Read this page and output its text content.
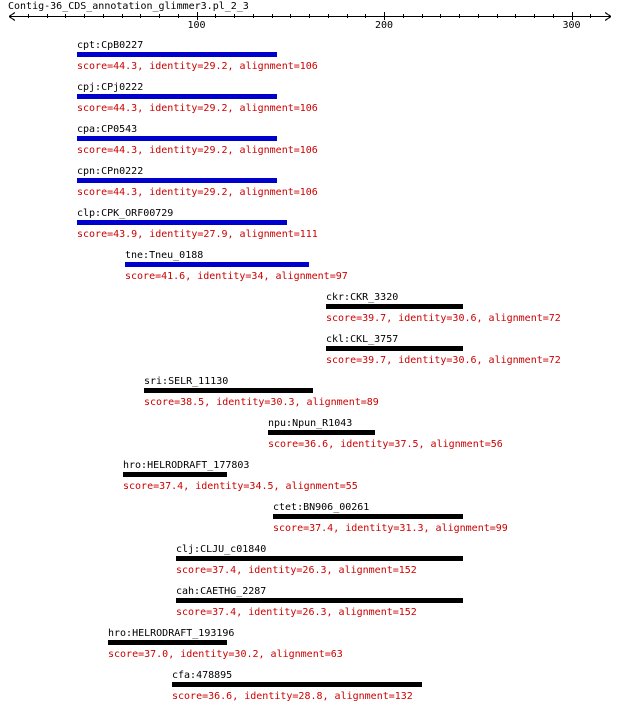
Contig-36_CDS_annotation_glimmer3.pl_2_3
100	200	300
cpt:CpB0227
score=44.3, identity=29.2, alignment=106
cpj:CPj0222
score=44.3, identity=29.2, alignment=106
cpa:CP0543
score=44.3, identity=29.2, alignment=106
cpn:CPn0222
score=44.3, identity=29.2, alignment=106
clp:CPK_ORF00729
score=43.9, identity=27.9, alignment=111
tne:Tneu_0188
score=41.6, identity=34, alignment=97
ckr:CKR_3320
score=39.7, identity=30.6, alignment=72
ckl:CKL_3757
score=39.7, identity=30.6, alignment=72
sri:SELR_11130
score=38.5, identity=30.3, alignment=89
npu:Npun_R1043
score=36.6, identity=37.5, alignment=56
hro:HELRODRAFT_177803
score=37.4, identity=34.5, alignment=55
ctet:BN906_00261
score=37.4, identity=31.3, alignment=99
clj:CLJU_c01840
score=37.4, identity=26.3, alignment=152
cah:CAETHG_2287
score=37.4, identity=26.3, alignment=152
hro:HELRODRAFT_193196
score=37.0, identity=30.2, alignment=63
cfa:478895
score=36.6, identity=28.8, alignment=132
